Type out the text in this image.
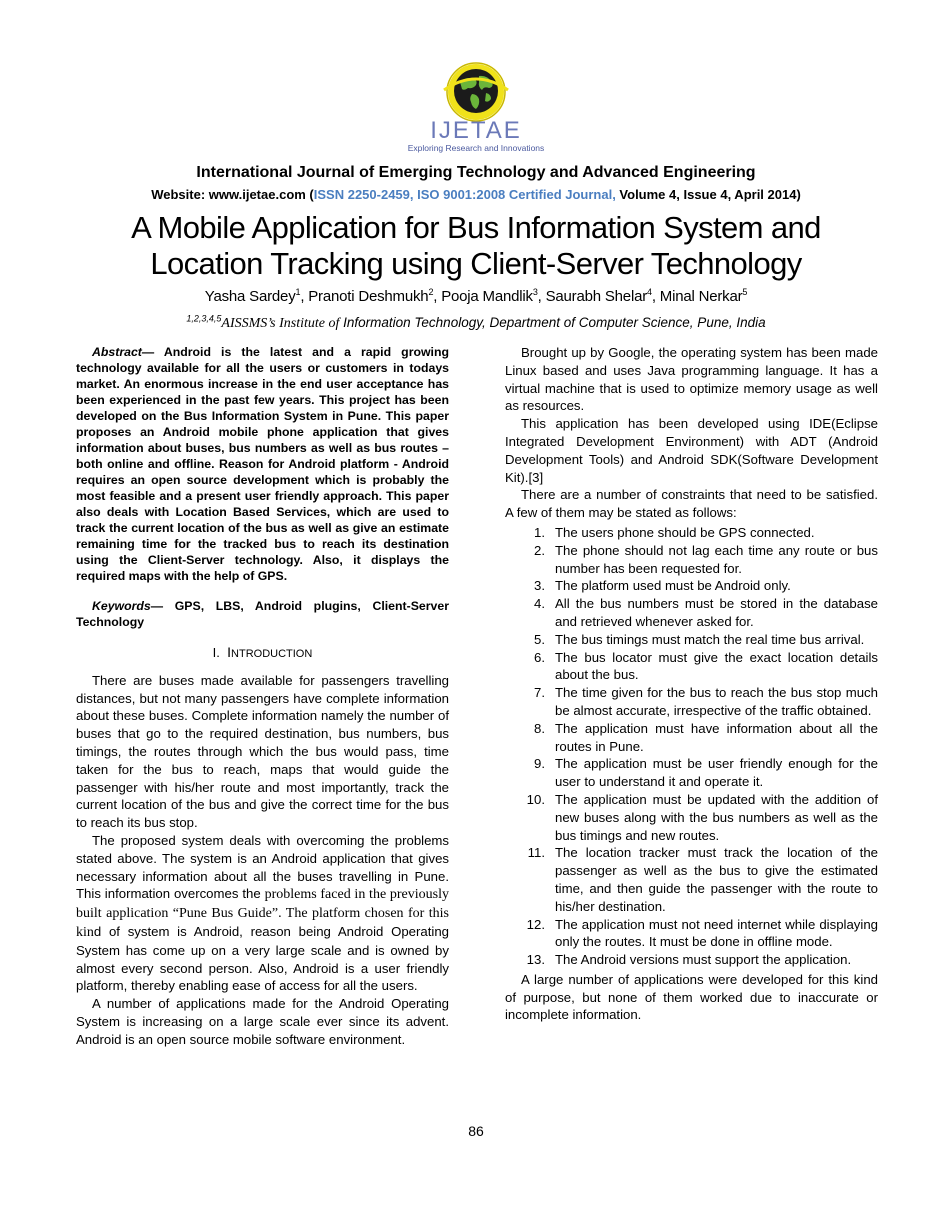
IJETAE
Exploring Research and Innovations
International Journal of Emerging Technology and Advanced Engineering
Website: www.ijetae.com (ISSN 2250-2459, ISO 9001:2008 Certified Journal, Volume 4, Issue 4, April 2014)
A Mobile Application for Bus Information System and Location Tracking using Client-Server Technology
Yasha Sardey$^1$, Pranoti Deshmukh$^2$, Pooja Mandlik$^3$, Saurabh Shelar$^4$, Minal Nerkar$^5$
$^{1,2,3,4,5}$AISSMS’s Institute of Information Technology, Department of Computer Science, Pune, India

Abstract— Android is the latest and a rapid growing technology available for all the users or customers in todays market. An enormous increase in the end user acceptance has been experienced in the past few years. This project has been developed on the Bus Information System in Pune. This paper proposes an Android mobile phone application that gives information about buses, bus numbers as well as bus routes – both online and offline. Reason for Android platform - Android requires an open source development which is probably the most feasible and a present user friendly approach. This paper also deals with Location Based Services, which are used to track the current location of the bus as well as give an estimate remaining time for the tracked bus to reach its destination using the Client-Server technology. Also, it displays the required maps with the help of GPS.

Keywords— GPS, LBS, Android plugins, Client-Server Technology

I. INTRODUCTION

There are buses made available for passengers travelling distances, but not many passengers have complete information about these buses. Complete information namely the number of buses that go to the required destination, bus numbers, bus timings, the routes through which the bus would pass, time taken for the bus to reach, maps that would guide the passenger with his/her route and most importantly, track the current location of the bus and give the correct time for the bus to reach its bus stop.

The proposed system deals with overcoming the problems stated above. The system is an Android application that gives necessary information about all the buses travelling in Pune. This information overcomes the problems faced in the previously built application “Pune Bus Guide”. The platform chosen for this kind of system is Android, reason being Android Operating System has come up on a very large scale and is owned by almost every second person. Also, Android is a user friendly platform, thereby enabling ease of access for all the users.

A number of applications made for the Android Operating System is increasing on a large scale ever since its advent. Android is an open source mobile software environment.

Brought up by Google, the operating system has been made Linux based and uses Java programming language. It has a virtual machine that is used to optimize memory usage as well as resources.

This application has been developed using IDE(Eclipse Integrated Development Environment) with ADT (Android Development Tools) and Android SDK(Software Development Kit).[3]

There are a number of constraints that need to be satisfied. A few of them may be stated as follows:

1. The users phone should be GPS connected.
2. The phone should not lag each time any route or bus number has been requested for.
3. The platform used must be Android only.
4. All the bus numbers must be stored in the database and retrieved whenever asked for.
5. The bus timings must match the real time bus arrival.
6. The bus locator must give the exact location details about the bus.
7. The time given for the bus to reach the bus stop much be almost accurate, irrespective of the traffic obtained.
8. The application must have information about all the routes in Pune.
9. The application must be user friendly enough for the user to understand it and operate it.
10. The application must be updated with the addition of new buses along with the bus numbers as well as the bus timings and new routes.
11. The location tracker must track the location of the passenger as well as the bus to give the estimated time, and then guide the passenger with the route to his/her destination.
12. The application must not need internet while displaying only the routes. It must be done in offline mode.
13. The Android versions must support the application.

A large number of applications were developed for this kind of purpose, but none of them worked due to inaccurate or incomplete information.

86
